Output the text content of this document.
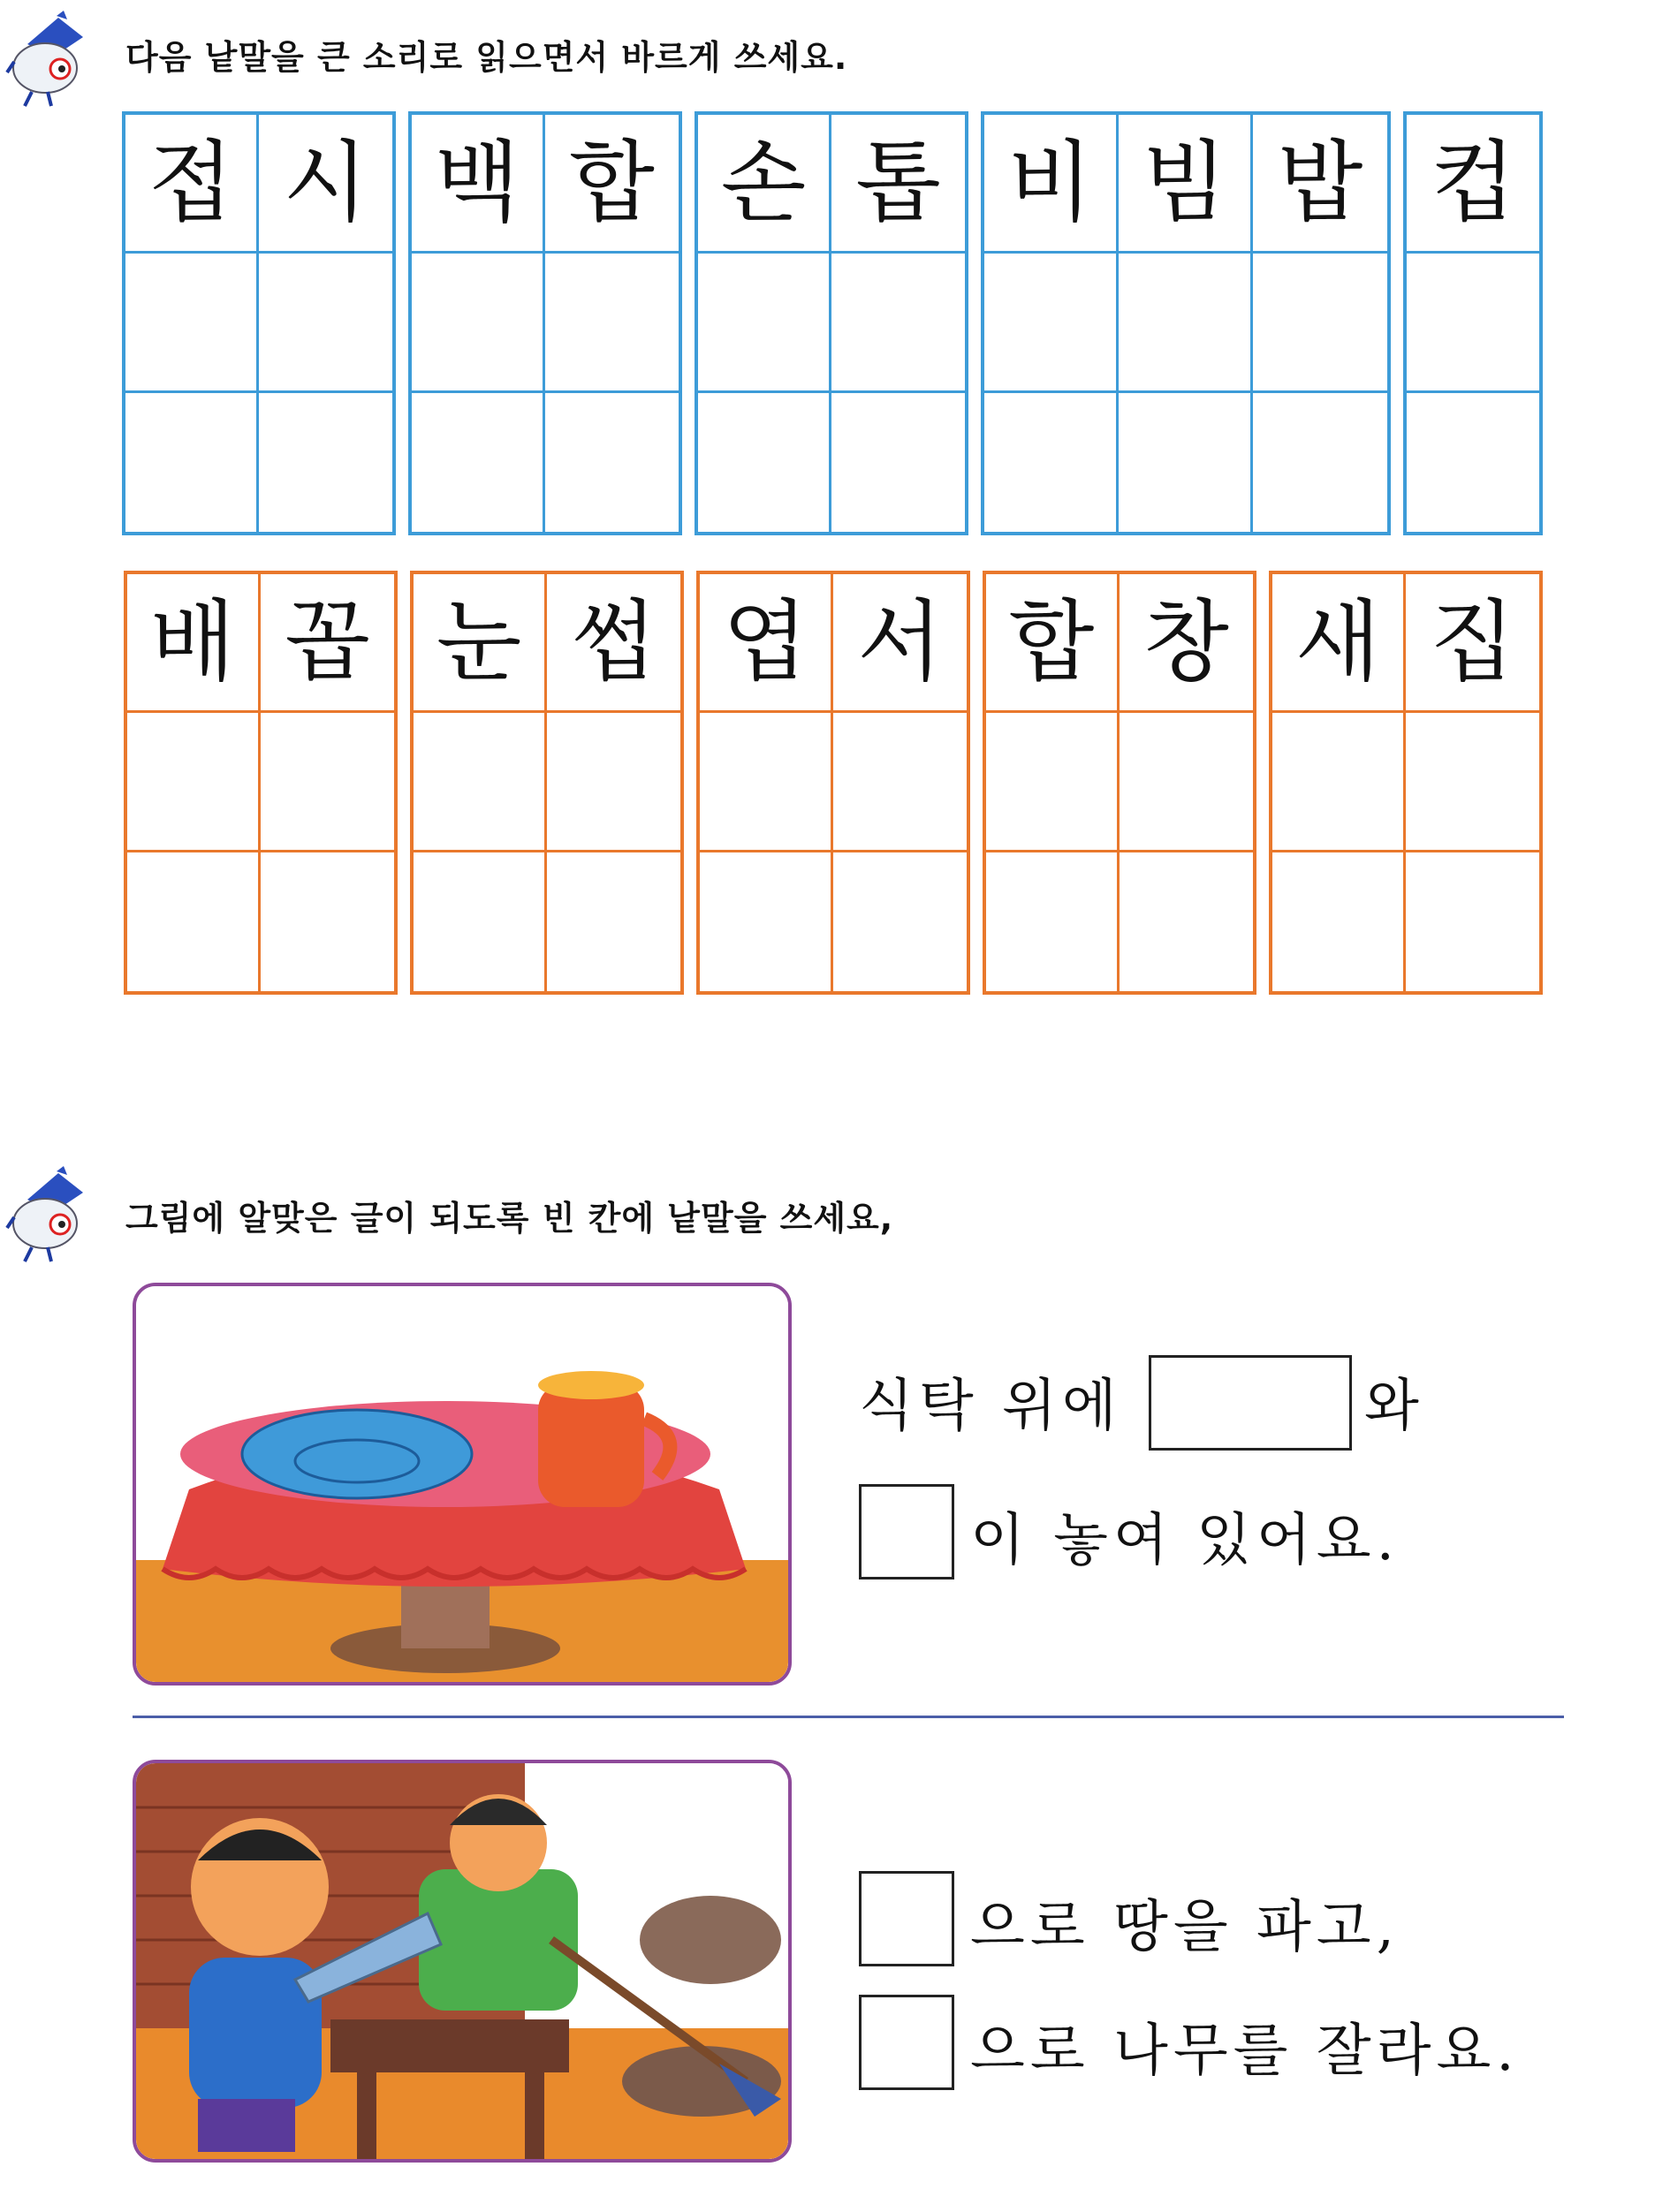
다음 낱말을 큰 소리로 읽으면서 바르게 쓰세요.
접 시 백 합 손 톱 비 빔 밥 컵
배 꼽 눈 썹 엽 서 합 창 새 집
그림에 알맞은 글이 되도록 빈 칸에 낱말을 쓰세요,
식탁 위에	와
이 놓여 있어요.
으로 땅을 파고,
으로 나무를 잘라요.
